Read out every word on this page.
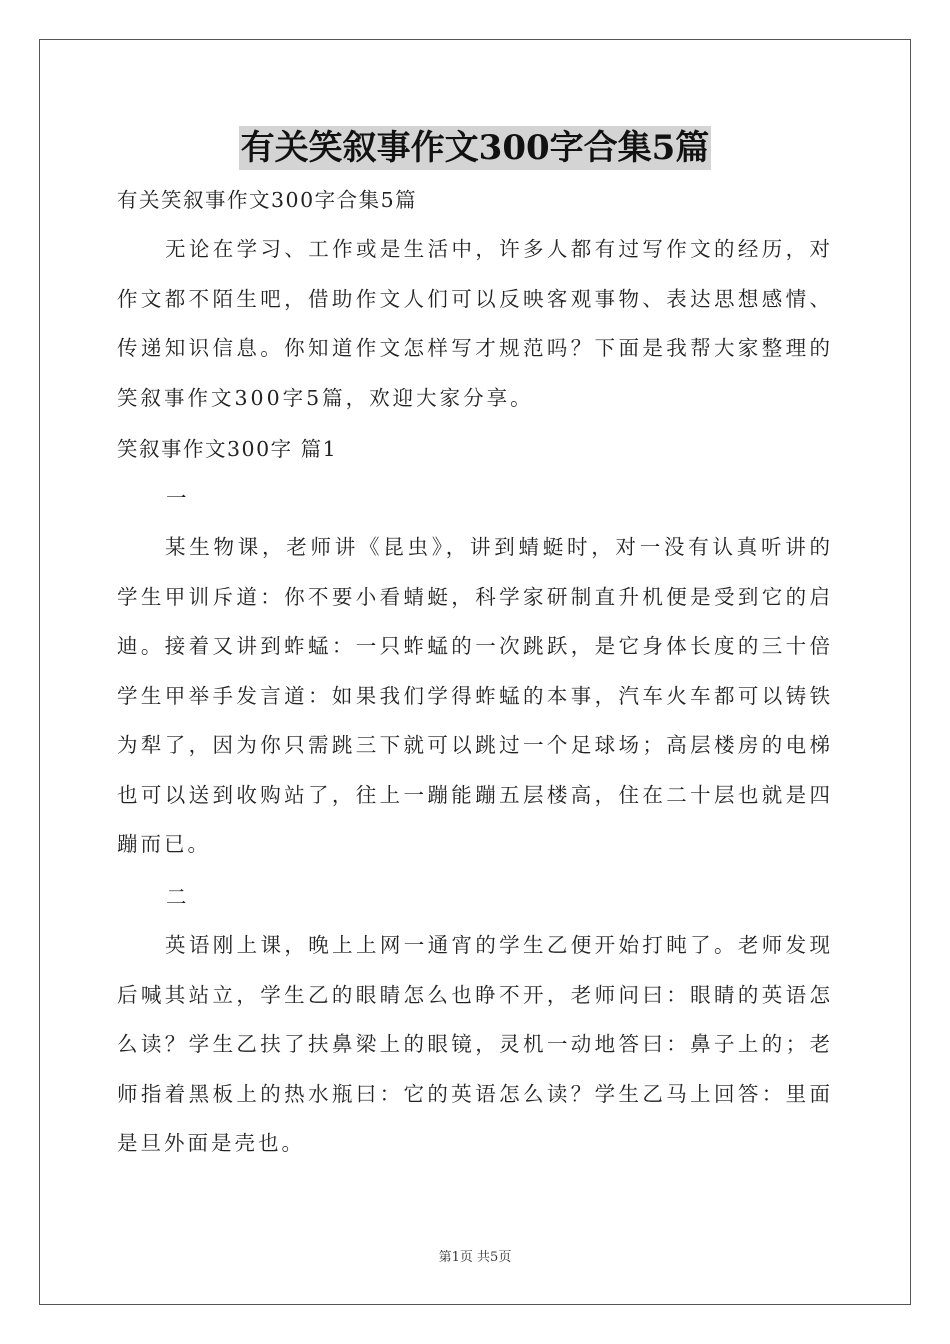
有关笑叙事作文300字合集5篇
有关笑叙事作文300字合集5篇

无论在学习、工作或是生活中，许多人都有过写作文的经历，对作文都不陌生吧，借助作文人们可以反映客观事物、表达思想感情、传递知识信息。你知道作文怎样写才规范吗？下面是我帮大家整理的笑叙事作文300字5篇，欢迎大家分享。

笑叙事作文300字 篇1
一

某生物课，老师讲《昆虫》，讲到蜻蜓时，对一没有认真听讲的学生甲训斥道：你不要小看蜻蜓，科学家研制直升机便是受到它的启迪。接着又讲到蚱蜢：一只蚱蜢的一次跳跃，是它身体长度的三十倍学生甲举手发言道：如果我们学得蚱蜢的本事，汽车火车都可以铸铁为犁了，因为你只需跳三下就可以跳过一个足球场；高层楼房的电梯也可以送到收购站了，往上一蹦能蹦五层楼高，住在二十层也就是四蹦而已。

二

英语刚上课，晚上上网一通宵的学生乙便开始打盹了。老师发现后喊其站立，学生乙的眼睛怎么也睁不开，老师问曰：眼睛的英语怎么读？学生乙扶了扶鼻梁上的眼镜，灵机一动地答曰：鼻子上的；老师指着黑板上的热水瓶曰：它的英语怎么读？学生乙马上回答：里面是旦外面是壳也。

第1页 共5页
